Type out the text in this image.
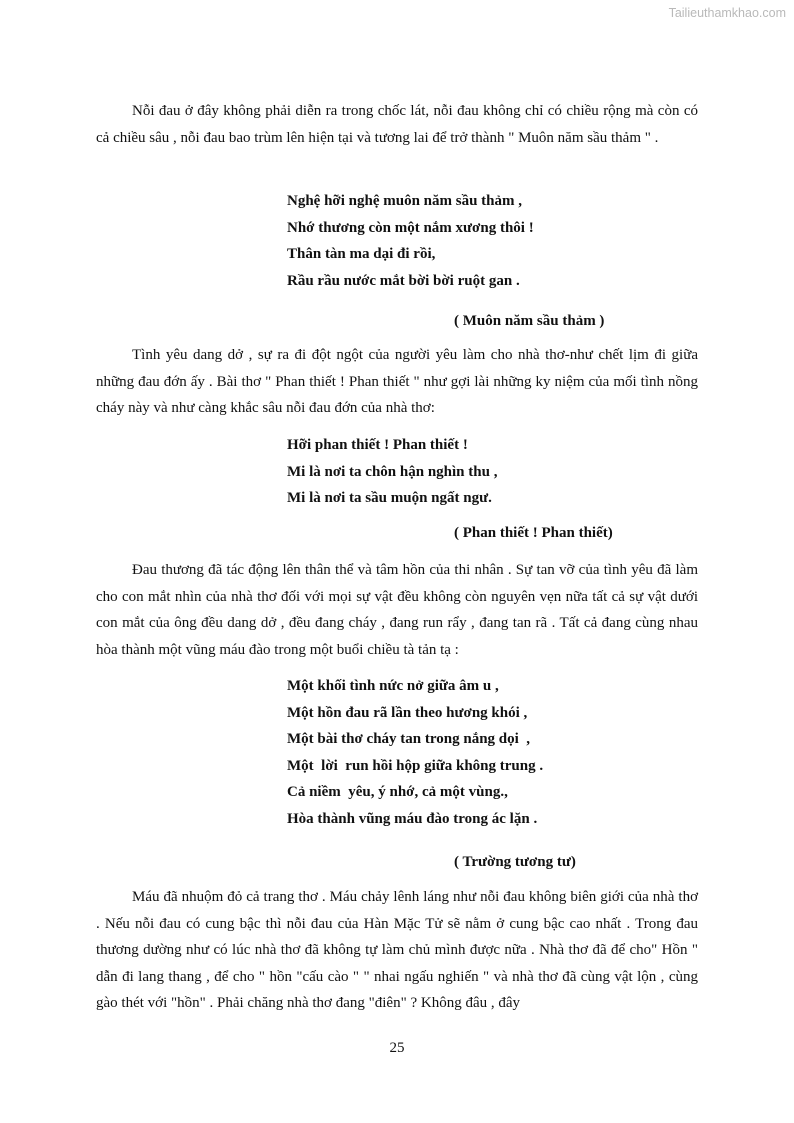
Tailieuthamkhao.com

Nỗi đau ở đây không phải diễn ra trong chốc lát, nỗi đau không chỉ có chiều rộng mà còn có cả chiều sâu , nỗi đau bao trùm lên hiện tại và tương lai để trở thành " Muôn năm sầu thảm " .

Nghệ hỡi nghệ muôn năm sầu thảm ,
Nhớ thương còn một nắm xương thôi !
Thân tàn ma dại đi rồi,
Rầu rầu nước mắt bời bời ruột gan .
( Muôn năm sầu thảm )

Tình yêu dang dở , sự ra đi đột ngột của người yêu làm cho nhà thơ-như chết lịm đi giữa những đau đớn ấy . Bài thơ " Phan thiết ! Phan thiết " như gợi lài những ky niệm của mối tình nồng cháy này và như càng khắc sâu nỗi đau đớn của nhà thơ:

Hỡi phan thiết ! Phan thiết !
Mi là nơi ta chôn hận nghìn thu ,
Mi là nơi ta sầu muộn ngất ngư.
( Phan thiết ! Phan thiết)

Đau thương đã tác động lên thân thể và tâm hồn của thi nhân . Sự tan vỡ của tình yêu đã làm cho con mắt nhìn của nhà thơ đối với mọi sự vật đều không còn nguyên vẹn nữa tất cả sự vật dưới con mắt của ông đều dang dở , đều đang cháy , đang run rẩy , đang tan rã . Tất cả đang cùng nhau hòa thành một vũng máu đào trong một buổi chiều tà tản tạ :

Một khối tình nức nở giữa âm u ,
Một hồn đau rã lần theo hương khói ,
Một bài thơ cháy tan trong nắng dọi  ,
Một  lời  run hồi hộp giữa không trung .
Cả niềm  yêu, ý nhớ, cả một vùng.,
Hòa thành vũng máu đào trong ác lặn .
( Trường tương tư)

Máu đã nhuộm đỏ cả trang thơ . Máu chảy lênh láng như nỗi đau không biên giới của nhà thơ . Nếu nỗi đau có cung bậc thì nỗi đau của Hàn Mặc Tử sẽ nằm ở cung bậc cao nhất . Trong đau thương dường như có lúc nhà thơ đã không tự làm chủ mình được nữa . Nhà thơ đã để cho" Hồn " dẫn đi lang thang , để cho " hồn "cấu cào " " nhai ngấu nghiến " và nhà thơ đã cùng vật lộn , cùng gào thét với "hồn" . Phải chăng nhà thơ đang "điên" ? Không đâu , đây

25
